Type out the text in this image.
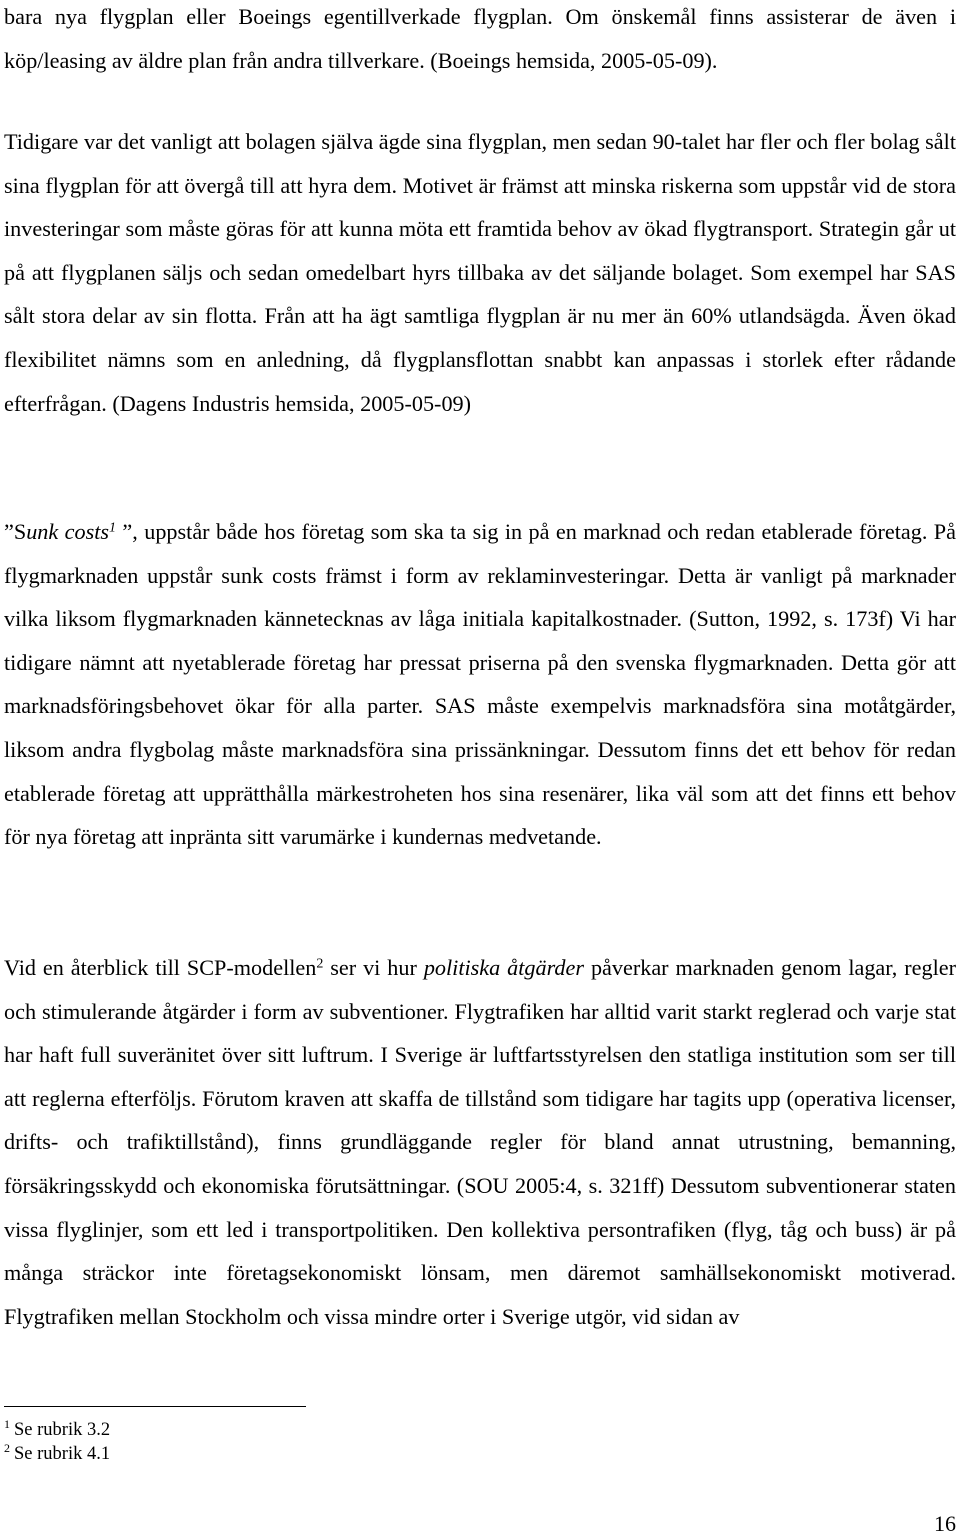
bara nya flygplan eller Boeings egentillverkade flygplan. Om önskemål finns assisterar de även i köp/leasing av äldre plan från andra tillverkare. (Boeings hemsida, 2005-05-09).

Tidigare var det vanligt att bolagen själva ägde sina flygplan, men sedan 90-talet har fler och fler bolag sålt sina flygplan för att övergå till att hyra dem. Motivet är främst att minska riskerna som uppstår vid de stora investeringar som måste göras för att kunna möta ett framtida behov av ökad flygtransport. Strategin går ut på att flygplanen säljs och sedan omedelbart hyrs tillbaka av det säljande bolaget. Som exempel har SAS sålt stora delar av sin flotta. Från att ha ägt samtliga flygplan är nu mer än 60% utlandsägda. Även ökad flexibilitet nämns som en anledning, då flygplansflottan snabbt kan anpassas i storlek efter rådande efterfrågan. (Dagens Industris hemsida, 2005-05-09)

”Sunk costs$^1$ ”, uppstår både hos företag som ska ta sig in på en marknad och redan etablerade företag. På flygmarknaden uppstår sunk costs främst i form av reklaminvesteringar. Detta är vanligt på marknader vilka liksom flygmarknaden kännetecknas av låga initiala kapitalkostnader. (Sutton, 1992, s. 173f) Vi har tidigare nämnt att nyetablerade företag har pressat priserna på den svenska flygmarknaden. Detta gör att marknadsföringsbehovet ökar för alla parter. SAS måste exempelvis marknadsföra sina motåtgärder, liksom andra flygbolag måste marknadsföra sina prissänkningar. Dessutom finns det ett behov för redan etablerade företag att upprätthålla märkestroheten hos sina resenärer, lika väl som att det finns ett behov för nya företag att inpränta sitt varumärke i kundernas medvetande.

Vid en återblick till SCP-modellen$^2$ ser vi hur politiska åtgärder påverkar marknaden genom lagar, regler och stimulerande åtgärder i form av subventioner. Flygtrafiken har alltid varit starkt reglerad och varje stat har haft full suveränitet över sitt luftrum. I Sverige är luftfartsstyrelsen den statliga institution som ser till att reglerna efterföljs. Förutom kraven att skaffa de tillstånd som tidigare har tagits upp (operativa licenser, drifts- och trafiktillstånd), finns grundläggande regler för bland annat utrustning, bemanning, försäkringsskydd och ekonomiska förutsättningar. (SOU 2005:4, s. 321ff) Dessutom subventionerar staten vissa flyglinjer, som ett led i transportpolitiken. Den kollektiva persontrafiken (flyg, tåg och buss) är på många sträckor inte företagsekonomiskt lönsam, men däremot samhällsekonomiskt motiverad. Flygtrafiken mellan Stockholm och vissa mindre orter i Sverige utgör, vid sidan av

$^1$ Se rubrik 3.2
$^2$ Se rubrik 4.1
16
